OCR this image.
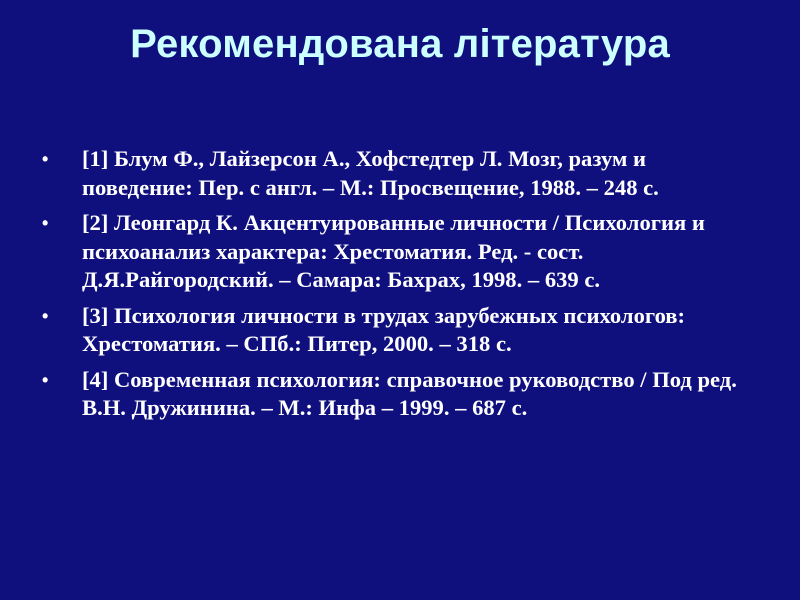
Рекомендована література
• [1] Блум Ф., Лайзерсон А., Хофстедтер Л. Мозг, разум и поведение: Пер. с англ. – М.: Просвещение, 1988. – 248 с.
• [2] Леонгард К. Акцентуированные личности / Психология и психоанализ характера: Хрестоматия. Ред. - сост. Д.Я.Райгородский. – Самара: Бахрах, 1998. – 639 с.
• [3] Психология личности в трудах зарубежных психологов: Хрестоматия. – СПб.: Питер, 2000. – 318 с.
• [4] Современная психология: справочное руководство / Под ред. В.Н. Дружинина. – М.: Инфа – 1999. – 687 с.
